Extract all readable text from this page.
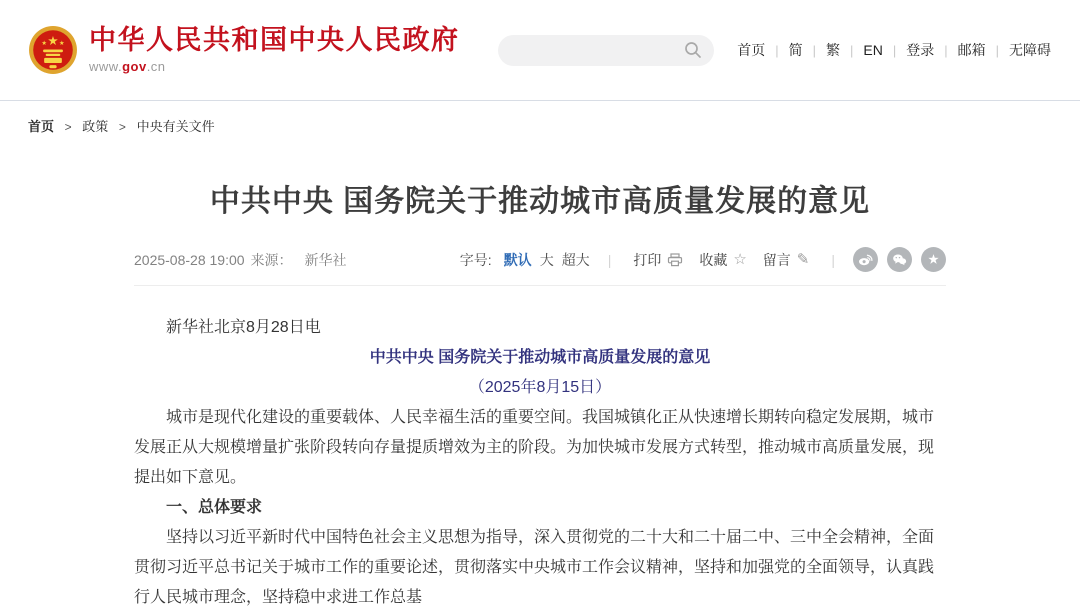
★
★ ★ 中华人民共和国中央人民政府
www.gov.cn
首页 | 简 | 繁 | EN | 登录 | 邮箱 | 无障碍
首页 > 政策 > 中央有关文件
中共中央 国务院关于推动城市高质量发展的意见
2025-08-28 19:00 来源： 新华社	字号: 默认 大 超大 | 打印	收藏 ☆ 留言 ✎ |

新华社北京8月28日电

中共中央 国务院关于推动城市高质量发展的意见

（2025年8月15日）

城市是现代化建设的重要载体、人民幸福生活的重要空间。我国城镇化正从快速增长期转向稳定发展期，城市发展正从大规模增量扩张阶段转向存量提质增效为主的阶段。为加快城市发展方式转型，推动城市高质量发展，现提出如下意见。

一、总体要求

坚持以习近平新时代中国特色社会主义思想为指导，深入贯彻党的二十大和二十届二中、三中全会精神，全面贯彻习近平总书记关于城市工作的重要论述，贯彻落实中央城市工作会议精神，坚持和加强党的全面领导，认真践行人民城市理念，坚持稳中求进工作总基
